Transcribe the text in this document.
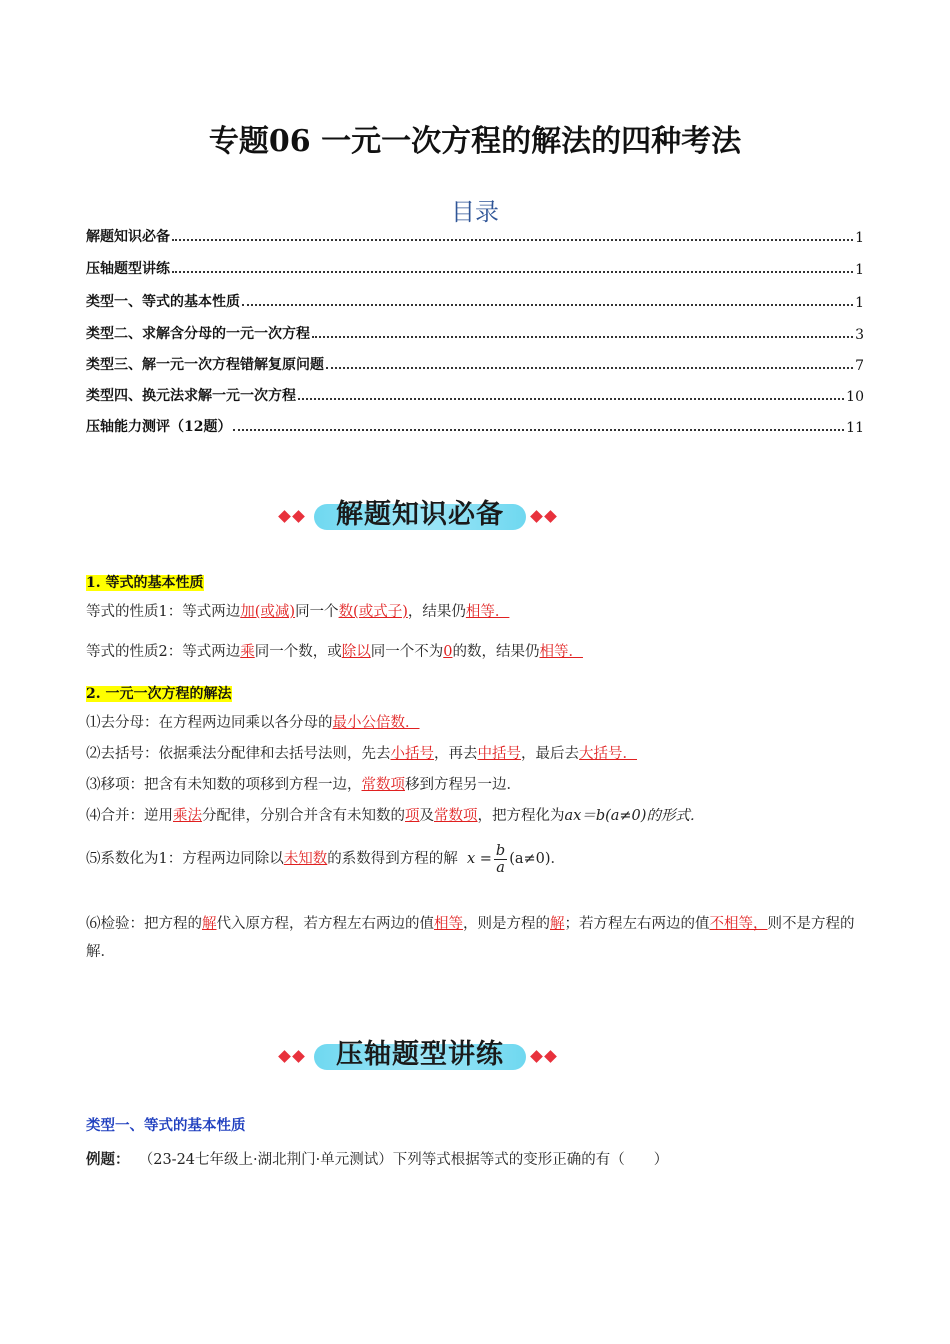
专题06 一元一次方程的解法的四种考法
目录
解题知识必备	1
压轴题型讲练	1
类型一、等式的基本性质	1
类型二、求解含分母的一元一次方程	3
类型三、解一元一次方程错解复原问题	7
类型四、换元法求解一元一次方程	10
压轴能力测评（12题）	11
解题知识必备
1. 等式的基本性质
等式的性质1：等式两边加(或减)同一个数(或式子)，结果仍相等．
等式的性质2：等式两边乘同一个数，或除以同一个不为0的数，结果仍相等．
2. 一元一次方程的解法
⑴去分母：在方程两边同乘以各分母的最小公倍数．
⑵去括号：依据乘法分配律和去括号法则，先去小括号，再去中括号，最后去大括号．
⑶移项：把含有未知数的项移到方程一边，常数项移到方程另一边．
⑷合并：逆用乘法分配律，分别合并含有未知数的项及常数项，把方程化为ax＝b(a≠0)的形式．
⑸系数化为1：方程两边同除以未知数的系数得到方程的解 $x = \frac{b}{a} (a\ne 0)$．
⑹检验：把方程的解代入原方程，若方程左右两边的值相等，则是方程的解；若方程左右两边的值不相等，则不是方程的解．
压轴题型讲练
类型一、等式的基本性质
例题： （23-24七年级上·湖北荆门·单元测试）下列等式根据等式的变形正确的有（　　）
